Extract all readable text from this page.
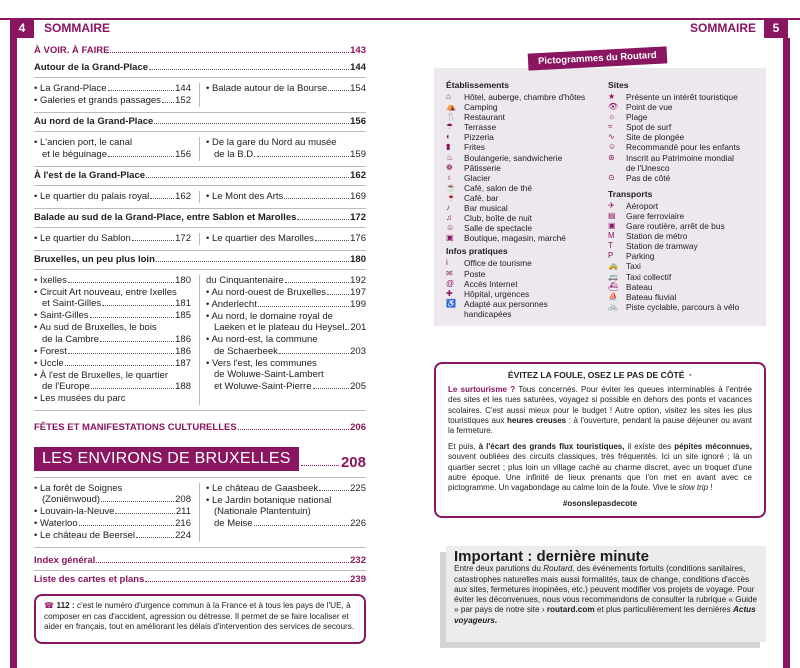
4	SOMMAIRE	SOMMAIRE	5
À VOIR. À FAIRE	143
Autour de la Grand-Place	144
• La Grand-Place	144
• Galeries et grands passages 152
• Balade autour de la Bourse 154
Au nord de la Grand-Place	156
• L'ancien port, le canal
et le béguinage	156
• De la gare du Nord au musée
de la B.D.	159
À l'est de la Grand-Place	162
• Le quartier du palais royal	162 • Le Mont des Arts	169
Balade au sud de la Grand-Place, entre Sablon et Marolles	172
• Le quartier du Sablon	172 • Le quartier des Marolles	176
Bruxelles, un peu plus loin	180
• Ixelles	180
• Circuit Art nouveau, entre Ixelles
et Saint-Gilles	181
• Saint-Gilles	185
• Au sud de Bruxelles, le bois
de la Cambre	186
• Forest	186
• Uccle	187
• À l'est de Bruxelles, le quartier
de l'Europe	188
• Les musées du parc
du Cinquantenaire	192
• Au nord-ouest de Bruxelles	197
• Anderlecht	199
• Au nord, le domaine royal de
Laeken et le plateau du Heysel 201
• Au nord-est, la commune
de Schaerbeek	203
• Vers l'est, les communes
de Woluwe-Saint-Lambert
et Woluwe-Saint-Pierre	205
FÊTES ET MANIFESTATIONS CULTURELLES	206
LES ENVIRONS DE BRUXELLES	208
• La forêt de Soignes
(Zoniënwoud)	208
• Louvain-la-Neuve	211
• Waterloo	216
• Le château de Beersel	224
• Le château de Gaasbeek	225
• Le Jardin botanique national
(Nationale Plantentuin)
de Meise	226
Index général	232
Liste des cartes et plans	239
☎ 112 : c'est le numéro d'urgence commun à la France et à tous les pays de l'UE, à composer en cas d'accident, agression ou détresse. Il permet de se faire localiser et aider en français, tout en améliorant les délais d'intervention des services de secours.
Pictogrammes du Routard
Établissements
⌂	Hôtel, auberge, chambre d'hôtes
⛺ Camping
🍴 Restaurant
☂	Terrasse
◐	Pizzeria
▮	Frites
♨	Boulangerie, sandwicherie
❁	Pâtisserie
♁	Glacier
☕ Café, salon de thé
🍷 Café, bar
♪	Bar musical
♫	Club, boîte de nuit
☺	Salle de spectacle
▣	Boutique, magasin, marché
Infos pratiques
i	Office de tourisme
✉	Poste
@	Accès Internet
✚	Hôpital, urgences
♿ Adapté aux personnes
handicapées
Sites
★	Présente un intérêt touristique
👁 Point de vue
☼	Plage
≈	Spot de surf
∿	Site de plongée
☺	Recommandé pour les enfants
⊛	Inscrit au Patrimoine mondial
de l'Unesco
⊙	Pas de côté
Transports
✈	Aéroport
▤	Gare ferroviaire
▣	Gare routière, arrêt de bus
M	Station de métro
T	Station de tramway
P	Parking
🚕 Taxi
🚐 Taxi collectif
⛴ Bateau
⛵ Bateau fluvial
🚲 Piste cyclable, parcours à vélo
ÉVITEZ LA FOULE, OSEZ LE PAS DE CÔTÉ ◔

Le surtourisme ? Tous concernés. Pour éviter les queues interminables à l'entrée des sites et les rues saturées, voyagez si possible en dehors des ponts et vacances scolaires. C'est aussi mieux pour le budget ! Autre option, visitez les sites les plus touristiques aux heures creuses : à l'ouverture, pendant la pause déjeuner ou avant la fermeture.

Et puis, à l'écart des grands flux touristiques, il existe des pépites méconnues, souvent oubliées des circuits classiques, très fréquentés. Ici un site ignoré ; là un quartier secret ; plus loin un village caché au charme discret, avec un troquet d'une autre époque. Une infinité de lieux prenants que l'on met en avant avec ce pictogramme. Un vagabondage au calme loin de la foule. Vive le slow trip !

#osonslepasdecote
Important : dernière minute
Entre deux parutions du Routard, des événements fortuits (conditions sanitaires, catastrophes naturelles mais aussi formalités, taux de change, conditions d'accès aux sites, fermetures inopinées, etc.) peuvent modifier vos projets de voyage. Pour éviter les déconvenues, nous vous recommandons de consulter la rubrique « Guide » par pays de notre site › routard.com et plus particulièrement les dernières Actus voyageurs.
